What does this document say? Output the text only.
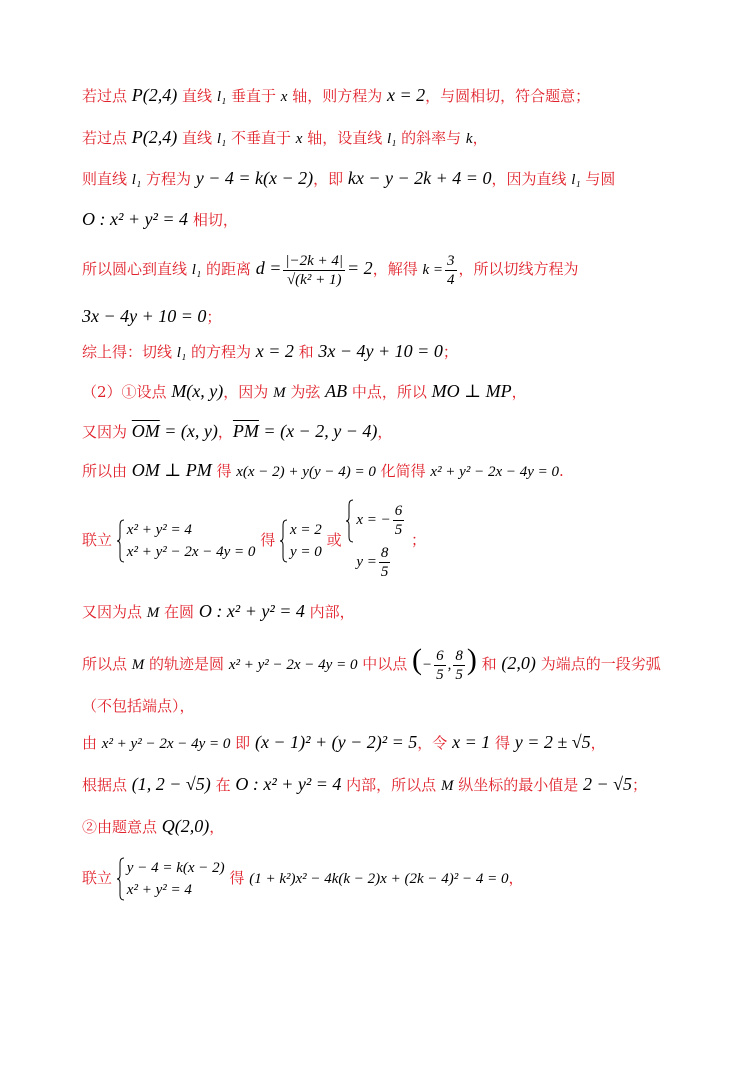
若过点 P(2,4) 直线 l₁ 垂直于 x 轴，则方程为 x = 2，与圆相切，符合题意；
若过点 P(2,4) 直线 l₁ 不垂直于 x 轴，设直线 l₁ 的斜率与 k，
则直线 l₁ 方程为 y − 4 = k(x − 2)，即 kx − y − 2k + 4 = 0，因为直线 l₁ 与圆
O : x² + y² = 4 相切，
所以圆心到直线 l₁ 的距离 $d = \frac{|-2k + 4|}{\text{√(k² + 1)}} = 2$，解得 $k = \frac{3}{4}$ ，所以切线方程为
3x − 4y + 10 = 0；
综上得：切线 l₁ 的方程为 x = 2 和 3x − 4y + 10 = 0；
（2）①设点 M(x, y)，因为 M 为弦 AB 中点，所以 MO ⊥ MP，
又因为 $\overline{OM} = (x$, y)，$\overline{PM} = (x - 2$, y − 4)，
所以由 OM ⊥ PM 得 x(x − 2) + y(y − 4) = 0 化简得 x² + y² − 2x − 4y = 0.
联立
x² + y² = 4
x² + y² − 2x − 4y = 0
得
x = 2
y = 0
或
x = − $\frac{6}{5}$
$y = \frac{8}{5}$
；
又因为点 M 在圆 O : x² + y² = 4 内部，
所以点 M 的轨迹是圆 x² + y² − 2x − 4y = 0 中以点 (− $\frac{6}{5}$ , $\frac{8}{5}$ ) 和 (2,0) 为端点的一段劣弧
（不包括端点），
由 x² + y² − 2x − 4y = 0 即 (x − 1)² + (y − 2)² = 5，令 x = 1 得 y = 2 ± √5，
根据点 (1, 2 − √5) 在 O : x² + y² = 4 内部，所以点 M 纵坐标的最小值是 2 − √5；
②由题意点 Q(2,0)，
联立
y − 4 = k(x − 2)
x² + y² = 4
得 (1 + k²)x² − 4k(k − 2)x + (2k − 4)² − 4 = 0，
